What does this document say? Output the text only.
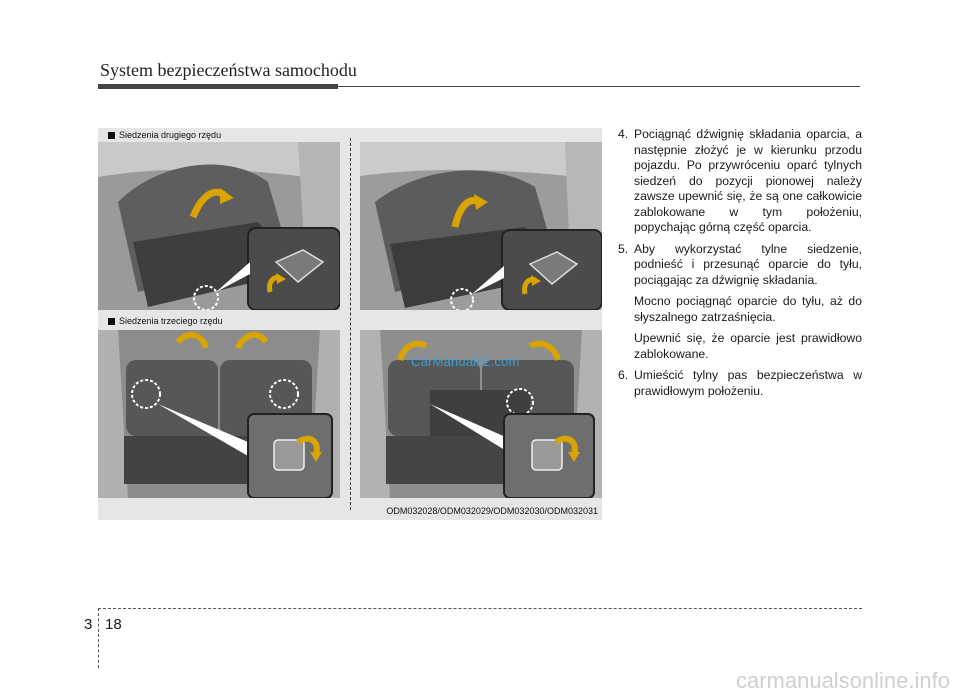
System bezpieczeństwa samochodu
Siedzenia drugiego rzędu
Siedzenia trzeciego rzędu
CarManuals2.com
ODM032028/ODM032029/ODM032030/ODM032031
4. Pociągnąć dźwignię składania oparcia, a następnie złożyć je w kierunku przodu pojazdu. Po przywróceniu oparć tylnych siedzeń do pozycji pionowej należy zawsze upewnić się, że są one całkowicie zablokowane w tym położeniu, popychając górną część oparcia.

5. Aby wykorzystać tylne siedzenie, podnieść i przesunąć oparcie do tyłu, pociągając za dźwignię składania.

Mocno pociągnąć oparcie do tyłu, aż do słyszalnego zatrzaśnięcia.

Upewnić się, że oparcie jest prawidłowo zablokowane.

6. Umieścić tylny pas bezpieczeństwa w prawidłowym położeniu.

3 18
carmanualsonline.info
